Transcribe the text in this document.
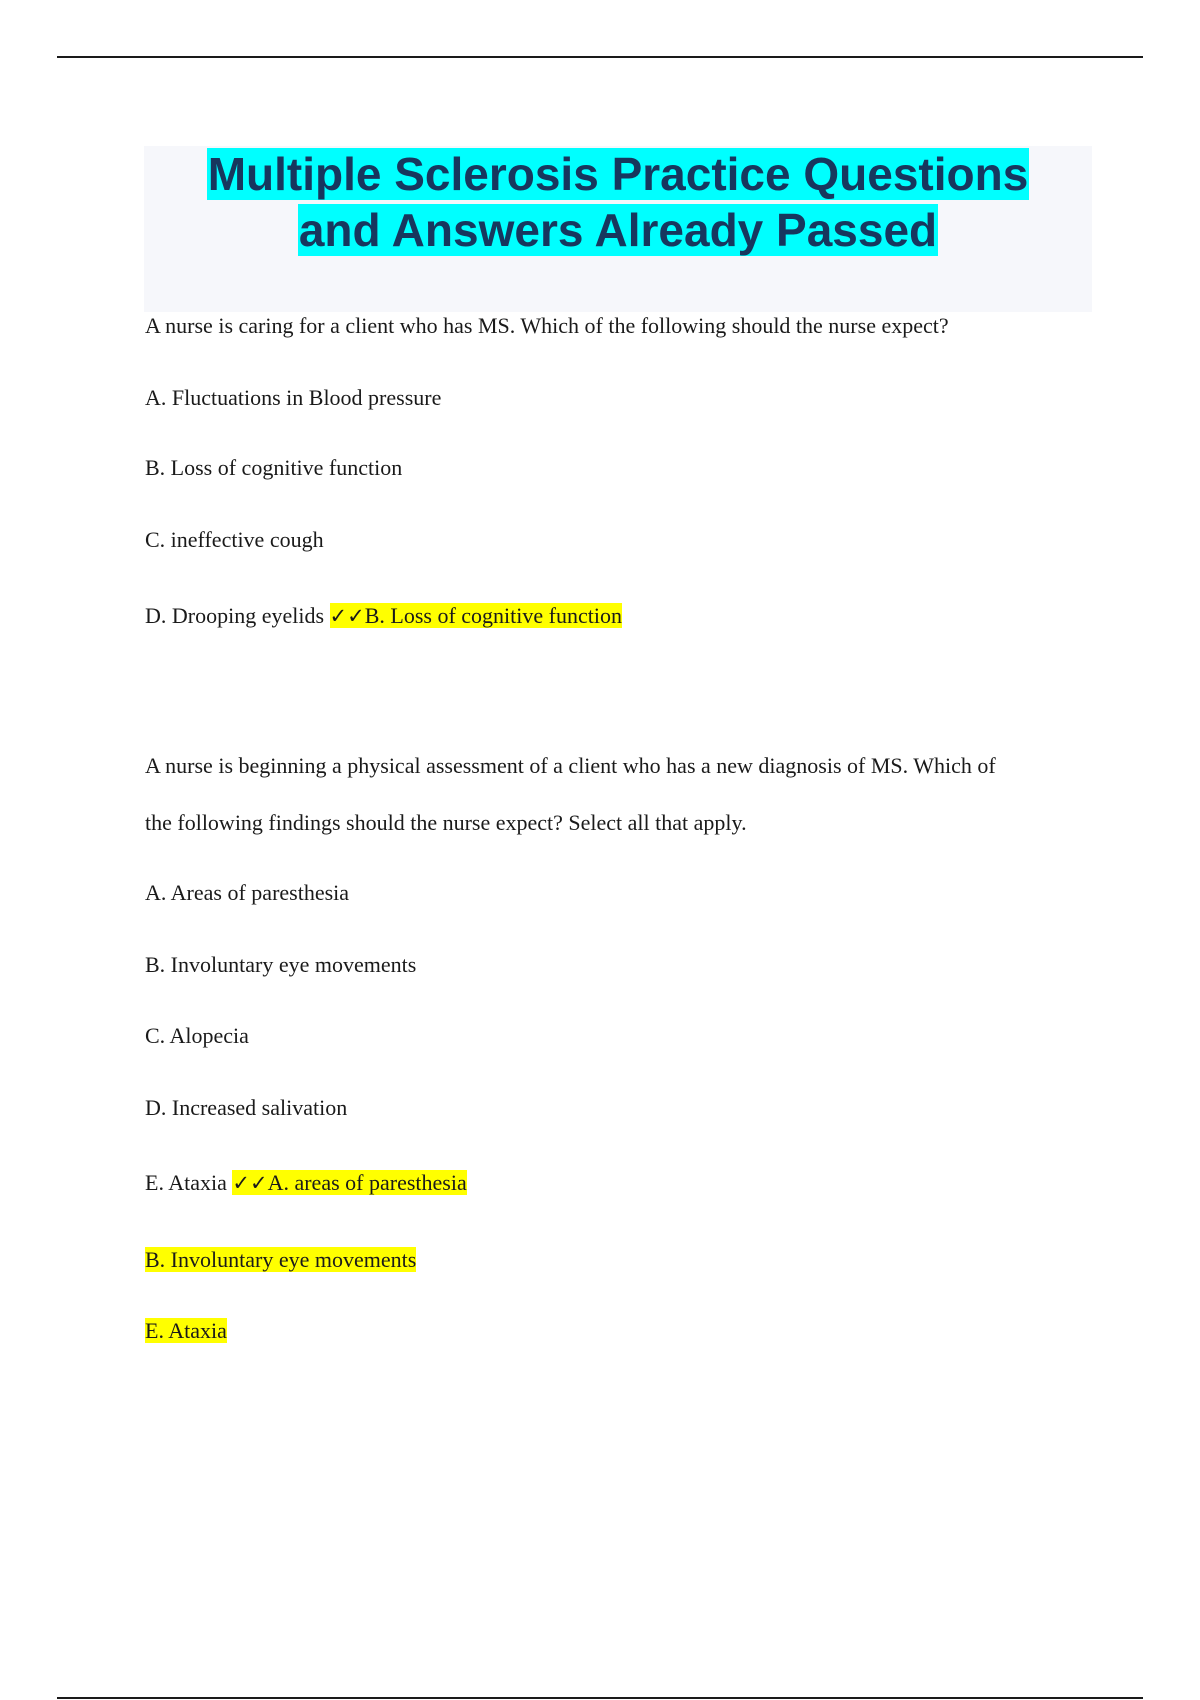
Multiple Sclerosis Practice Questions
and Answers Already Passed

A nurse is caring for a client who has MS. Which of the following should the nurse expect?

A. Fluctuations in Blood pressure

B. Loss of cognitive function

C. ineffective cough

D. Drooping eyelids ✓✓B. Loss of cognitive function

A nurse is beginning a physical assessment of a client who has a new diagnosis of MS. Which of

the following findings should the nurse expect? Select all that apply.

A. Areas of paresthesia

B. Involuntary eye movements

C. Alopecia

D. Increased salivation

E. Ataxia ✓✓A. areas of paresthesia

B. Involuntary eye movements

E. Ataxia
